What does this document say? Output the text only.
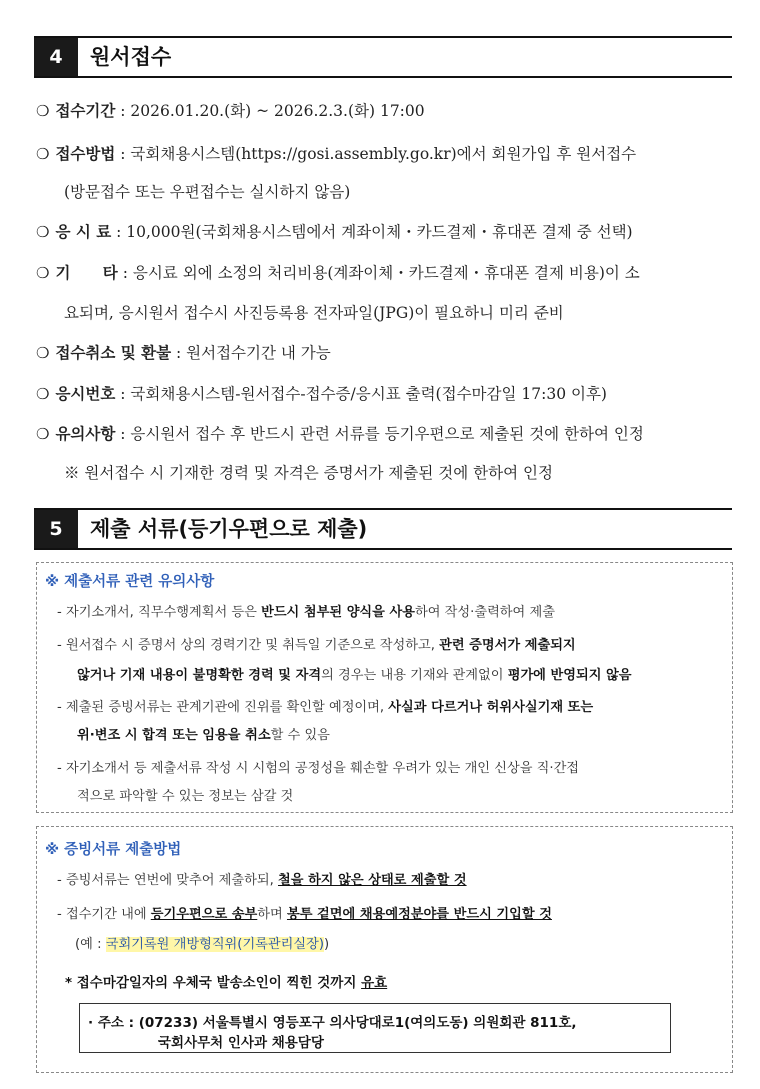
4	원서접수
❍ 접수기간 : 2026.01.20.(화) ~ 2026.2.3.(화) 17:00
❍ 접수방법 : 국회채용시스템(https://gosi.assembly.go.kr)에서 회원가입 후 원서접수
(방문접수 또는 우편접수는 실시하지 않음)
❍ 응 시 료 : 10,000원(국회채용시스템에서 계좌이체・카드결제・휴대폰 결제 중 선택)
❍ 기      타 : 응시료 외에 소정의 처리비용(계좌이체・카드결제・휴대폰 결제 비용)이 소
요되며, 응시원서 접수시 사진등록용 전자파일(JPG)이 필요하니 미리 준비
❍ 접수취소 및 환불 : 원서접수기간 내 가능
❍ 응시번호 : 국회채용시스템-원서접수-접수증/응시표 출력(접수마감일 17:30 이후)
❍ 유의사항 : 응시원서 접수 후 반드시 관련 서류를 등기우편으로 제출된 것에 한하여 인정
※ 원서접수 시 기재한 경력 및 자격은 증명서가 제출된 것에 한하여 인정
5	제출 서류(등기우편으로 제출)
※ 제출서류 관련 유의사항
- 자기소개서, 직무수행계획서 등은 반드시 첨부된 양식을 사용하여 작성·출력하여 제출
- 원서접수 시 증명서 상의 경력기간 및 취득일 기준으로 작성하고, 관련 증명서가 제출되지
않거나 기재 내용이 불명확한 경력 및 자격의 경우는 내용 기재와 관계없이 평가에 반영되지 않음
- 제출된 증빙서류는 관계기관에 진위를 확인할 예정이며, 사실과 다르거나 허위사실기재 또는
위·변조 시 합격 또는 임용을 취소할 수 있음
- 자기소개서 등 제출서류 작성 시 시험의 공정성을 훼손할 우려가 있는 개인 신상을 직·간접
적으로 파악할 수 있는 정보는 삼갈 것
※ 증빙서류 제출방법
- 증빙서류는 연번에 맞추어 제출하되, 철을 하지 않은 상태로 제출할 것
- 접수기간 내에 등기우편으로 송부하며 봉투 겉면에 채용예정분야를 반드시 기입할 것
(예 : 국회기록원 개방형직위(기록관리실장))
* 접수마감일자의 우체국 발송소인이 찍힌 것까지 유효
· 주소 : (07233) 서울특별시 영등포구 의사당대로1(여의도동) 의원회관 811호,
국회사무처 인사과 채용담당
